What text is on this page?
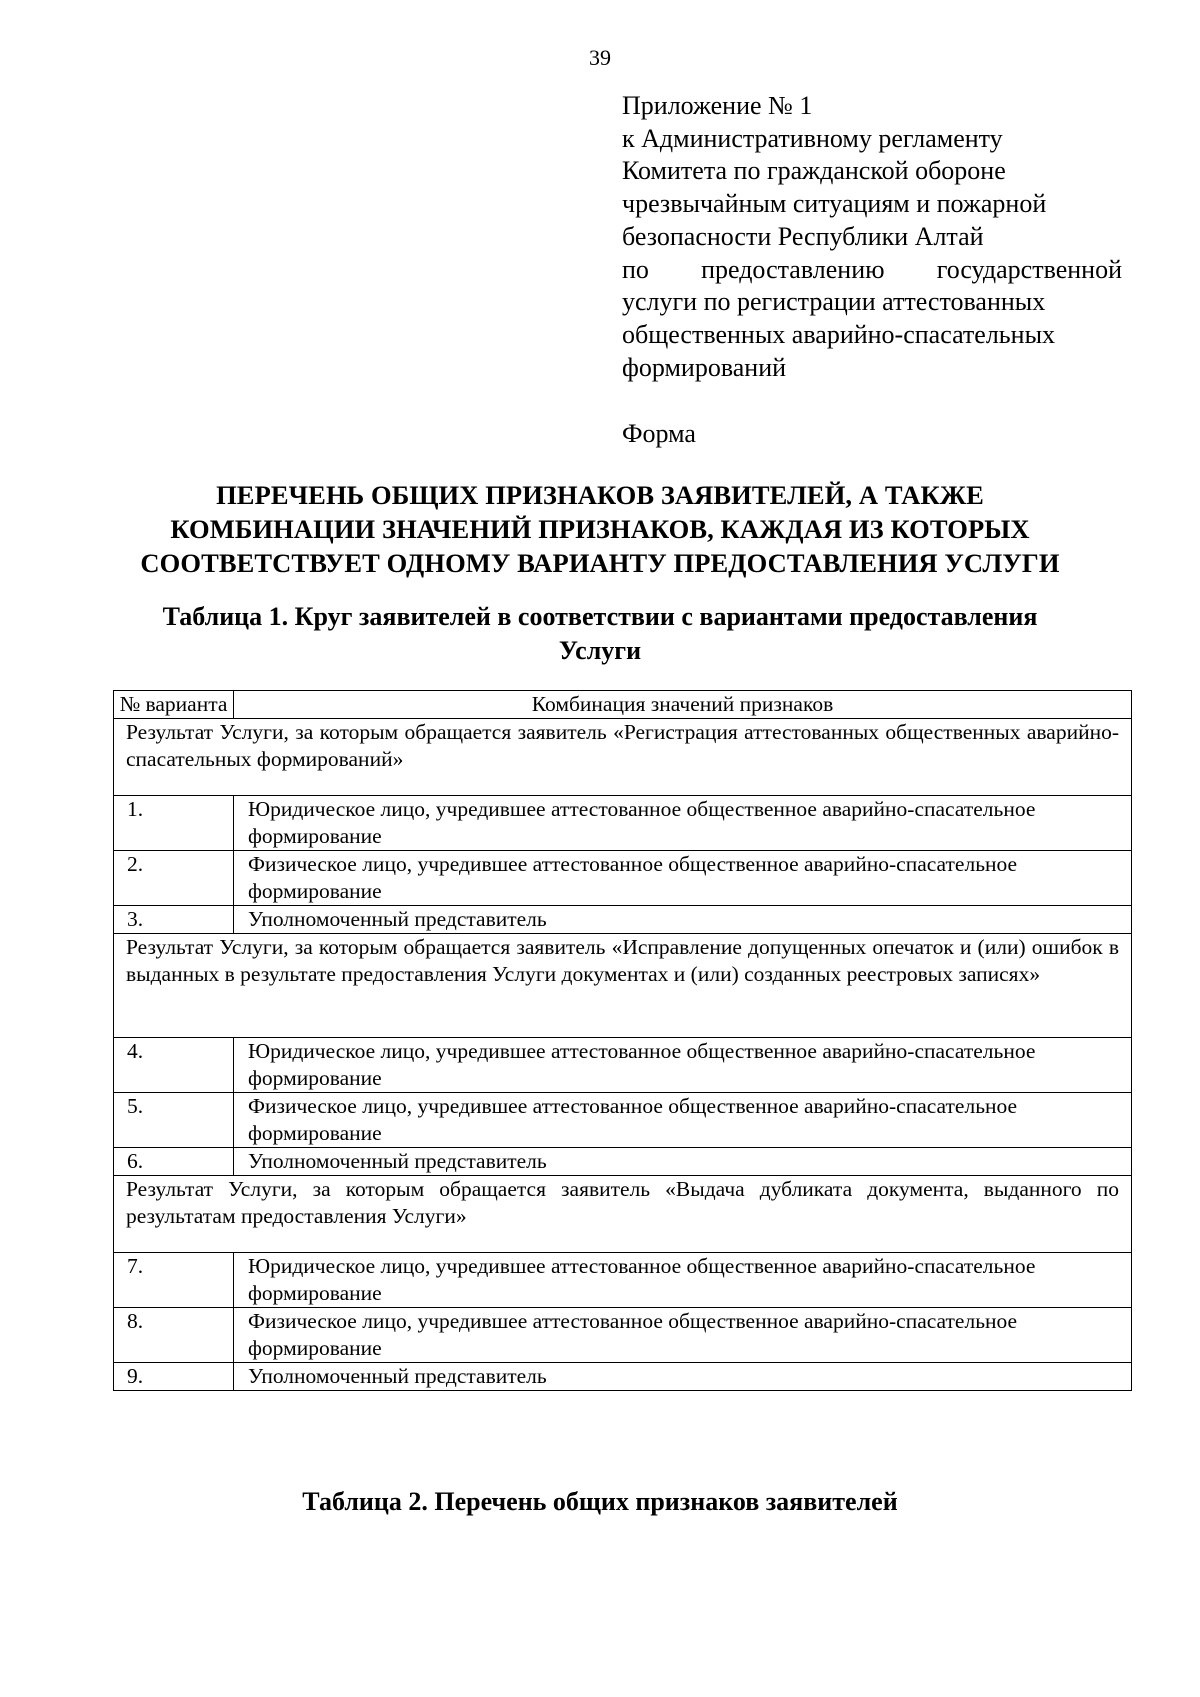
39
Приложение № 1
к Административному регламенту
Комитета по гражданской обороне
чрезвычайным ситуациям и пожарной
безопасности Республики Алтай
по предоставлению государственной
услуги по регистрации аттестованных
общественных аварийно-спасательных
формирований
Форма
ПЕРЕЧЕНЬ ОБЩИХ ПРИЗНАКОВ ЗАЯВИТЕЛЕЙ, А ТАКЖЕ
КОМБИНАЦИИ ЗНАЧЕНИЙ ПРИЗНАКОВ, КАЖДАЯ ИЗ КОТОРЫХ
СООТВЕТСТВУЕТ ОДНОМУ ВАРИАНТУ ПРЕДОСТАВЛЕНИЯ УСЛУГИ
Таблица 1. Круг заявителей в соответствии с вариантами предоставления
Услуги
№ варианта	Комбинация значений признаков

Результат Услуги, за которым обращается заявитель «Регистрация аттестованных общественных аварийно-спасательных формирований»	

1.	Юридическое лицо, учредившее аттестованное общественное аварийно-спасательное формирование
2.	Физическое лицо, учредившее аттестованное общественное аварийно-спасательное формирование
3.	Уполномоченный представитель

Результат Услуги, за которым обращается заявитель «Исправление допущенных опечаток и (или) ошибок в выданных в результате предоставления Услуги документах и (или) созданных реестровых записях»	

4.	Юридическое лицо, учредившее аттестованное общественное аварийно-спасательное формирование
5.	Физическое лицо, учредившее аттестованное общественное аварийно-спасательное формирование
6.	Уполномоченный представитель

Результат Услуги, за которым обращается заявитель «Выдача дубликата документа, выданного по результатам предоставления Услуги»	

7.	Юридическое лицо, учредившее аттестованное общественное аварийно-спасательное формирование
8.	Физическое лицо, учредившее аттестованное общественное аварийно-спасательное формирование
9.	Уполномоченный представитель
Таблица 2. Перечень общих признаков заявителей
